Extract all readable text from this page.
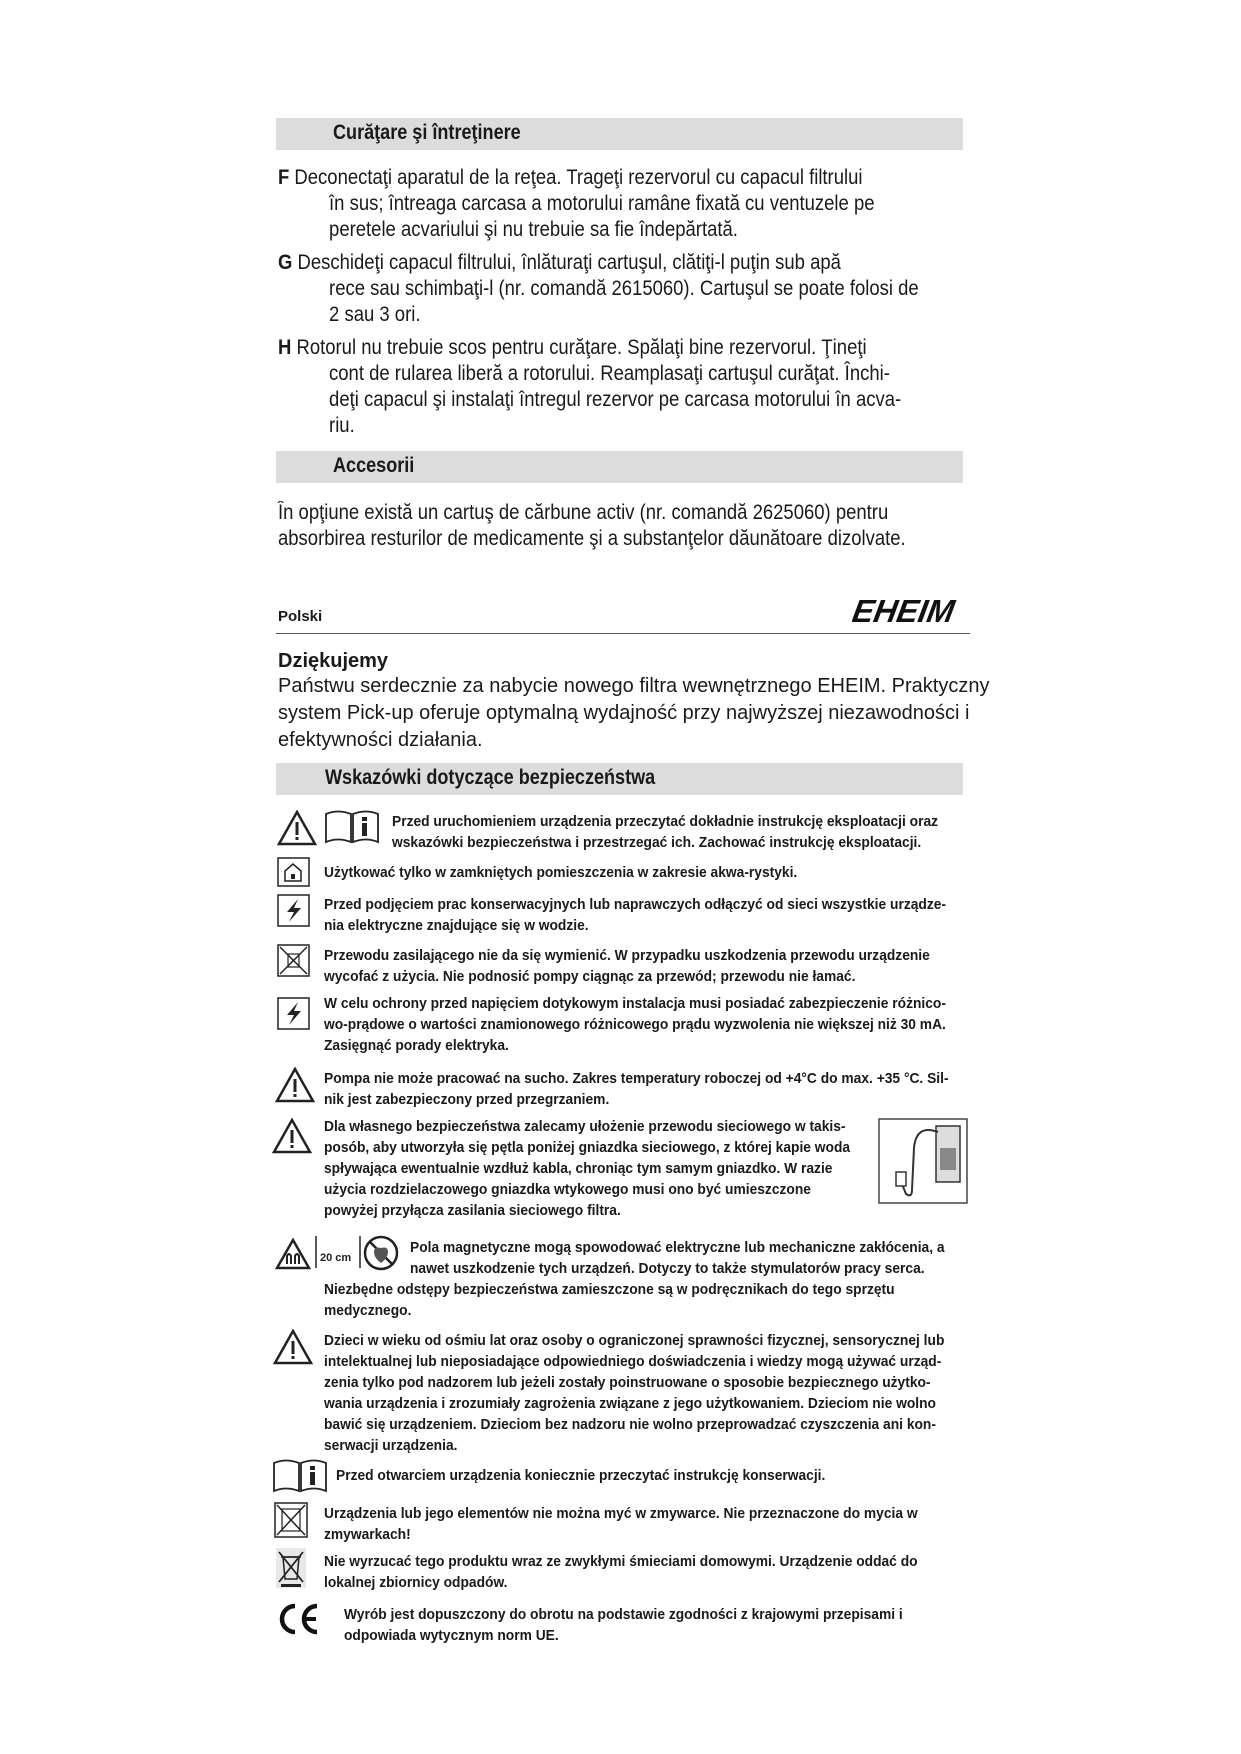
Curăţare şi întreţinere

F Deconectaţi aparatul de la reţea. Trageţi rezervorul cu capacul filtrului

în sus; întreaga carcasa a motorului ramâne fixată cu ventuzele pe

peretele acvariului şi nu trebuie sa fie îndepărtată.

G Deschideţi capacul filtrului, înlăturaţi cartuşul, clătiţi-l puţin sub apă

rece sau schimbaţi-l (nr. comandă 2615060). Cartuşul se poate folosi de

2 sau 3 ori.

H Rotorul nu trebuie scos pentru curăţare. Spălaţi bine rezervorul. Ţineţi

cont de rularea liberă a rotorului. Reamplasaţi cartuşul curăţat. Închi-

deţi capacul şi instalaţi întregul rezervor pe carcasa motorului în acva-

riu.

Accesorii
În opţiune există un cartuş de cărbune activ (nr. comandă 2625060) pentru
absorbirea resturilor de medicamente şi a substanţelor dăunătoare dizolvate.
Polski	EHEIM
Dziękujemy
Państwu serdecznie za nabycie nowego filtra wewnętrznego EHEIM. Praktyczny
system Pick-up oferuje optymalną wydajność przy najwyższej niezawodności i
efektywności działania.
Wskazówki dotyczące bezpieczeństwa
Przed uruchomieniem urządzenia przeczytać dokładnie instrukcję eksploatacji oraz
wskazówki bezpieczeństwa i przestrzegać ich. Zachować instrukcję eksploatacji.
Użytkować tylko w zamkniętych pomieszczenia w zakresie akwa-rystyki.
Przed podjęciem prac konserwacyjnych lub naprawczych odłączyć od sieci wszystkie urządze-
nia elektryczne znajdujące się w wodzie.
Przewodu zasilającego nie da się wymienić. W przypadku uszkodzenia przewodu urządzenie
wycofać z użycia. Nie podnosić pompy ciągnąc za przewód; przewodu nie łamać.
W celu ochrony przed napięciem dotykowym instalacja musi posiadać zabezpieczenie różnico-
wo-prądowe o wartości znamionowego różnicowego prądu wyzwolenia nie większej niż 30 mA.
Zasięgnąć porady elektryka.
Pompa nie może pracować na sucho. Zakres temperatury roboczej od +4°C do max. +35 °C. Sil-
nik jest zabezpieczony przed przegrzaniem.
Dla własnego bezpieczeństwa zalecamy ułożenie przewodu sieciowego w takis-
posób, aby utworzyła się pętla poniżej gniazdka sieciowego, z której kapie woda
spływająca ewentualnie wzdłuż kabla, chroniąc tym samym gniazdko. W razie
użycia rozdzielaczowego gniazdka wtykowego musi ono być umieszczone
powyżej przyłącza zasilania sieciowego filtra.
20 cm
Pola magnetyczne mogą spowodować elektryczne lub mechaniczne zakłócenia, a
nawet uszkodzenie tych urządzeń. Dotyczy to także stymulatorów pracy serca.
Niezbędne odstępy bezpieczeństwa zamieszczone są w podręcznikach do tego sprzętu
medycznego.
Dzieci w wieku od ośmiu lat oraz osoby o ograniczonej sprawności fizycznej, sensorycznej lub
intelektualnej lub nieposiadające odpowiedniego doświadczenia i wiedzy mogą używać urząd-
zenia tylko pod nadzorem lub jeżeli zostały poinstruowane o sposobie bezpiecznego użytko-
wania urządzenia i zrozumiały zagrożenia związane z jego użytkowaniem. Dzieciom nie wolno
bawić się urządzeniem. Dzieciom bez nadzoru nie wolno przeprowadzać czyszczenia ani kon-
serwacji urządzenia.
Przed otwarciem urządzenia koniecznie przeczytać instrukcję konserwacji.
Urządzenia lub jego elementów nie można myć w zmywarce. Nie przeznaczone do mycia w
zmywarkach!
Nie wyrzucać tego produktu wraz ze zwykłymi śmieciami domowymi. Urządzenie oddać do
lokalnej zbiornicy odpadów.
Wyrób jest dopuszczony do obrotu na podstawie zgodności z krajowymi przepisami i
odpowiada wytycznym norm UE.
